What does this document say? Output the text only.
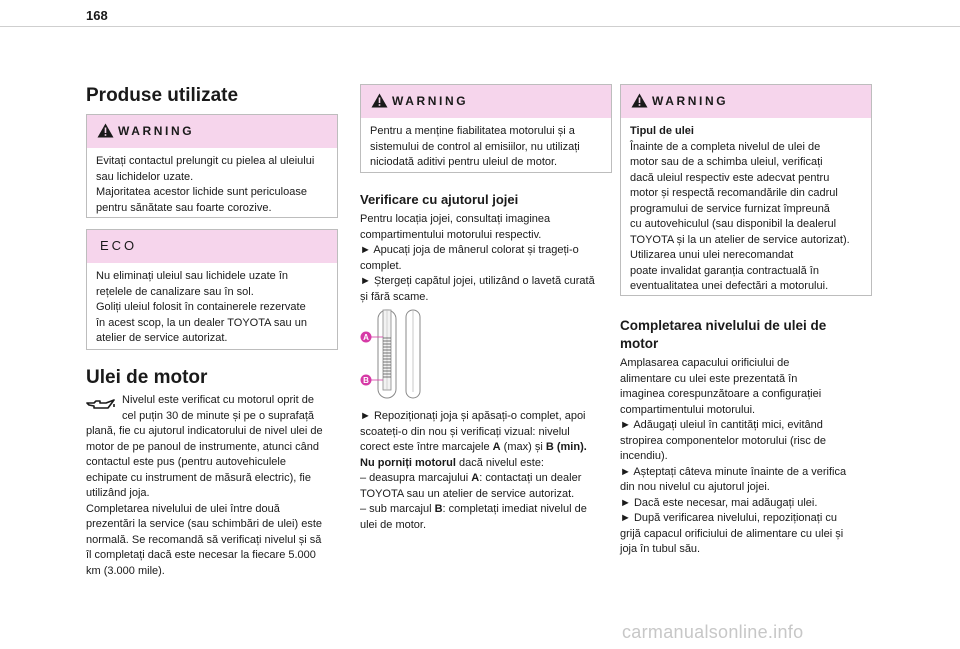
168
Produse utilizate
WARNING
Evitați contactul prelungit cu pielea al uleiului
sau lichidelor uzate.
Majoritatea acestor lichide sunt periculoase
pentru sănătate sau foarte corozive.
ECO
Nu eliminați uleiul sau lichidele uzate în
rețelele de canalizare sau în sol.
Goliți uleiul folosit în containerele rezervate
în acest scop, la un dealer TOYOTA sau un
atelier de service autorizat.
Ulei de motor
Nivelul este verificat cu motorul oprit de
cel puțin 30 de minute și pe o suprafață
plană, fie cu ajutorul indicatorului de nivel ulei de
motor de pe panoul de instrumente, atunci când
contactul este pus (pentru autovehiculele
echipate cu instrument de măsură electric), fie
utilizând joja.
Completarea nivelului de ulei între două
prezentări la service (sau schimbări de ulei) este
normală. Se recomandă să verificați nivelul și să
îl completați dacă este necesar la fiecare 5.000
km (3.000 mile).
WARNING
Pentru a menține fiabilitatea motorului și a
sistemului de control al emisiilor, nu utilizați
niciodată aditivi pentru uleiul de motor.
Verificare cu ajutorul jojei
Pentru locația jojei, consultați imaginea
compartimentului motorului respectiv.
► Apucați joja de mânerul colorat și trageți-o
complet.
► Ștergeți capătul jojei, utilizând o lavetă curată
și fără scame.
A
B
► Repoziționați joja și apăsați-o complet, apoi
scoateți-o din nou și verificați vizual: nivelul
corect este între marcajele A (max) și B (min).
Nu porniți motorul dacă nivelul este:
– deasupra marcajului A: contactați un dealer
TOYOTA sau un atelier de service autorizat.
– sub marcajul B: completați imediat nivelul de
ulei de motor.
WARNING
Tipul de ulei
Înainte de a completa nivelul de ulei de
motor sau de a schimba uleiul, verificați
dacă uleiul respectiv este adecvat pentru
motor și respectă recomandările din cadrul
programului de service furnizat împreună
cu autovehiculul (sau disponibil la dealerul
TOYOTA și la un atelier de service autorizat).
Utilizarea unui ulei nerecomandat
poate invalidat garanția contractuală în
eventualitatea unei defectări a motorului.
Completarea nivelului de ulei de
motor
Amplasarea capacului orificiului de
alimentare cu ulei este prezentată în
imaginea corespunzătoare a configurației
compartimentului motorului.
► Adăugați uleiul în cantități mici, evitând
stropirea componentelor motorului (risc de
incendiu).
► Așteptați câteva minute înainte de a verifica
din nou nivelul cu ajutorul jojei.
► Dacă este necesar, mai adăugați ulei.
► După verificarea nivelului, repoziționați cu
grijă capacul orificiului de alimentare cu ulei și
joja în tubul său.
carmanualsonline.info
